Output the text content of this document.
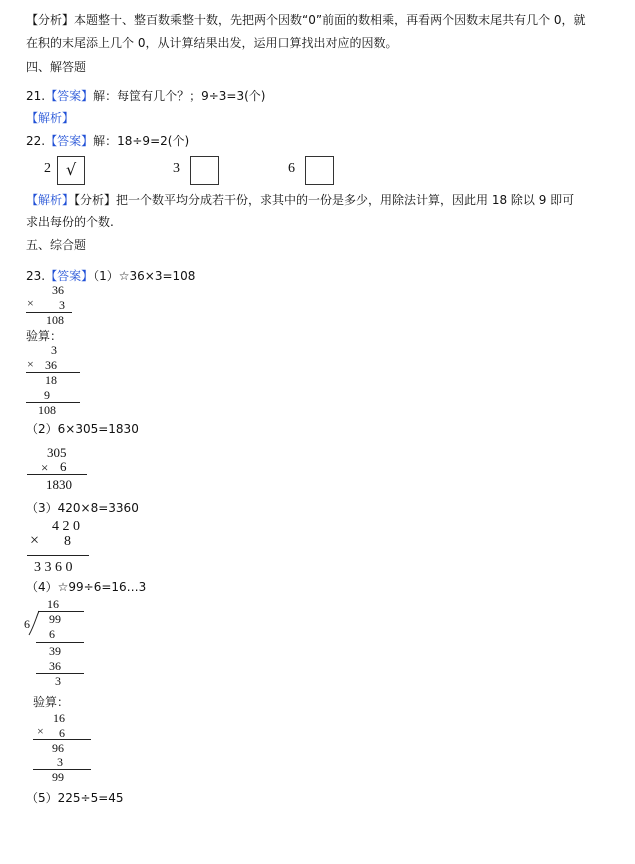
【分析】本题整十、整百数乘整十数，先把两个因数“0”前面的数相乘，再看两个因数末尾共有几个 0，就
在积的末尾添上几个 0，从计算结果出发，运用口算找出对应的因数。
四、解答题
21.【答案】解：每筐有几个？；9÷3=3(个)
【解析】
22.【答案】解：18÷9=2(个)
2 √	3	6
【解析】【分析】把一个数平均分成若干份，求其中的一份是多少，用除法计算，因此用 18 除以 9 即可
求出每份的个数.
五、综合题
23.【答案】（1）☆36×3=108
36
× 3
108
验算：
3
× 36
18
9
108
（2）6×305=1830
305
× 6
1830
（3）420×8=3360
4 2 0
× 8
3 3 6 0
（4）☆99÷6=16…3
16
6 99
6
39
36
3
验算：
16
× 6
96
3
99
（5）225÷5=45
